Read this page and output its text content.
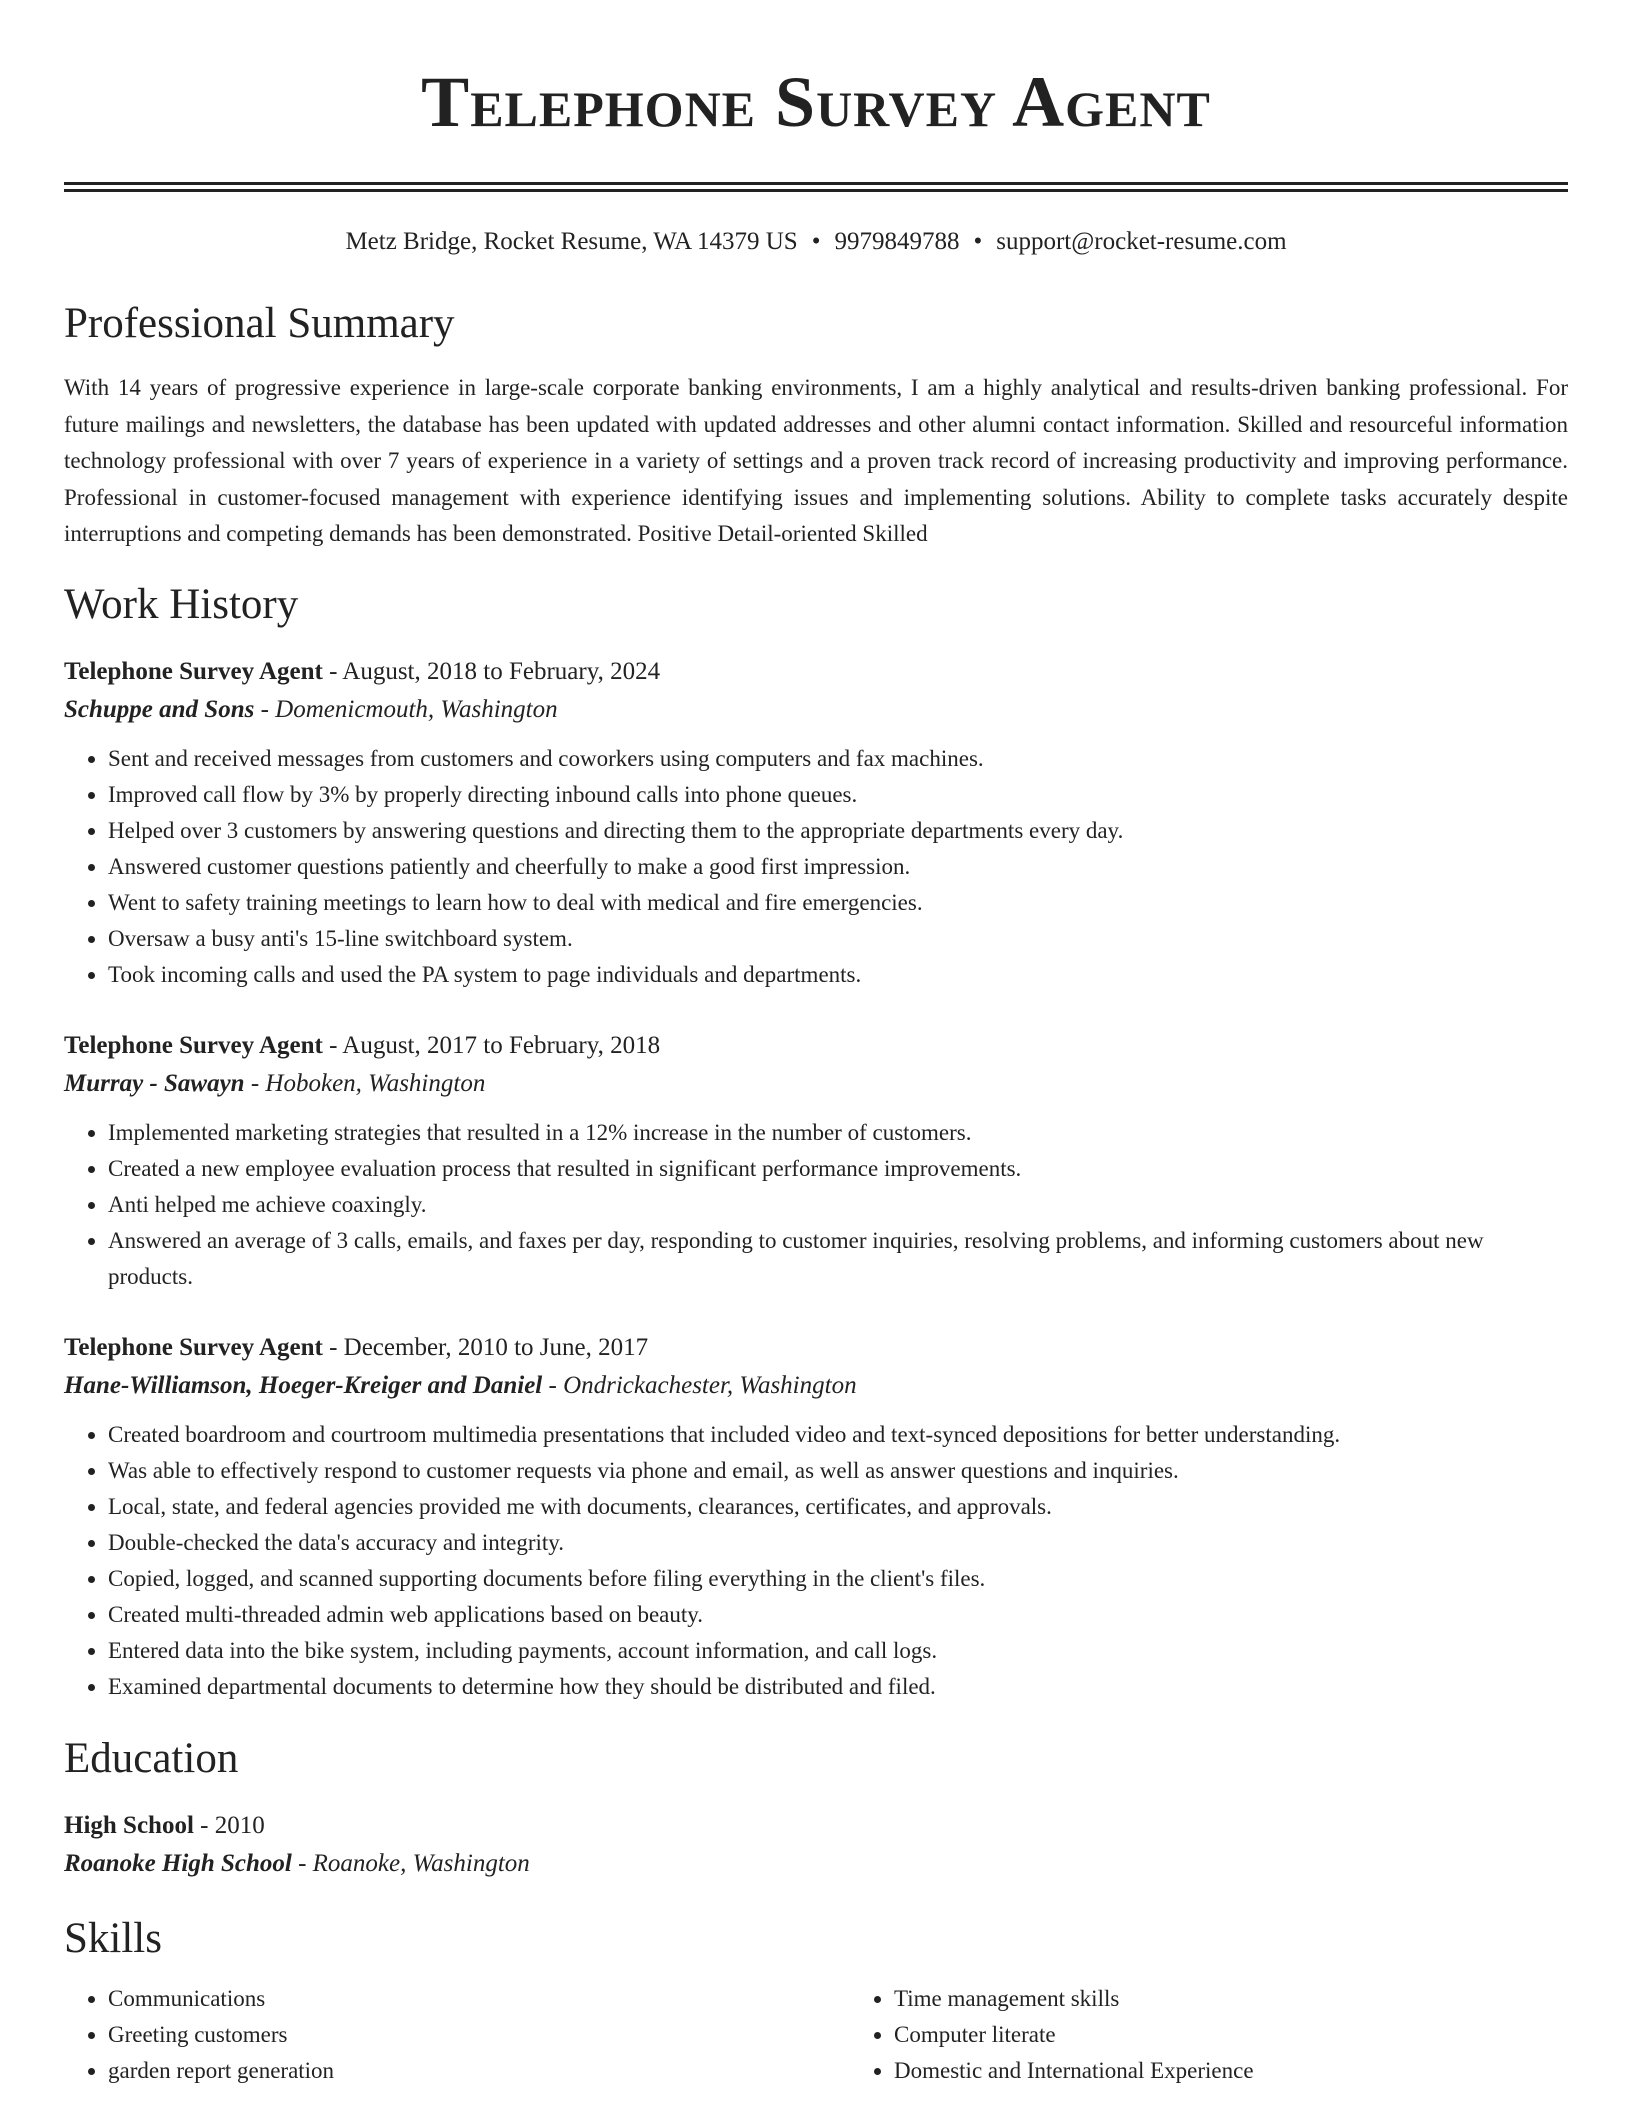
Telephone Survey Agent
Metz Bridge, Rocket Resume, WA 14379 US • 9979849788 • support@rocket-resume.com
Professional Summary
With 14 years of progressive experience in large-scale corporate banking environments, I am a highly analytical and results-driven banking professional. For future mailings and newsletters, the database has been updated with updated addresses and other alumni contact information. Skilled and resourceful information technology professional with over 7 years of experience in a variety of settings and a proven track record of increasing productivity and improving performance. Professional in customer-focused management with experience identifying issues and implementing solutions. Ability to complete tasks accurately despite interruptions and competing demands has been demonstrated. Positive Detail-oriented Skilled
Work History
Telephone Survey Agent - August, 2018 to February, 2024
Schuppe and Sons - Domenicmouth, Washington
• Sent and received messages from customers and coworkers using computers and fax machines.
• Improved call flow by 3% by properly directing inbound calls into phone queues.
• Helped over 3 customers by answering questions and directing them to the appropriate departments every day.
• Answered customer questions patiently and cheerfully to make a good first impression.
• Went to safety training meetings to learn how to deal with medical and fire emergencies.
• Oversaw a busy anti's 15-line switchboard system.
• Took incoming calls and used the PA system to page individuals and departments.
Telephone Survey Agent - August, 2017 to February, 2018
Murray - Sawayn - Hoboken, Washington
• Implemented marketing strategies that resulted in a 12% increase in the number of customers.
• Created a new employee evaluation process that resulted in significant performance improvements.
• Anti helped me achieve coaxingly.
• Answered an average of 3 calls, emails, and faxes per day, responding to customer inquiries, resolving problems, and informing customers about new products.
Telephone Survey Agent - December, 2010 to June, 2017
Hane-Williamson, Hoeger-Kreiger and Daniel - Ondrickachester, Washington
• Created boardroom and courtroom multimedia presentations that included video and text-synced depositions for better understanding.
• Was able to effectively respond to customer requests via phone and email, as well as answer questions and inquiries.
• Local, state, and federal agencies provided me with documents, clearances, certificates, and approvals.
• Double-checked the data's accuracy and integrity.
• Copied, logged, and scanned supporting documents before filing everything in the client's files.
• Created multi-threaded admin web applications based on beauty.
• Entered data into the bike system, including payments, account information, and call logs.
• Examined departmental documents to determine how they should be distributed and filed.
Education
High School - 2010
Roanoke High School - Roanoke, Washington
Skills
• Communications
• Greeting customers
• garden report generation
• Time management skills
• Computer literate
• Domestic and International Experience
